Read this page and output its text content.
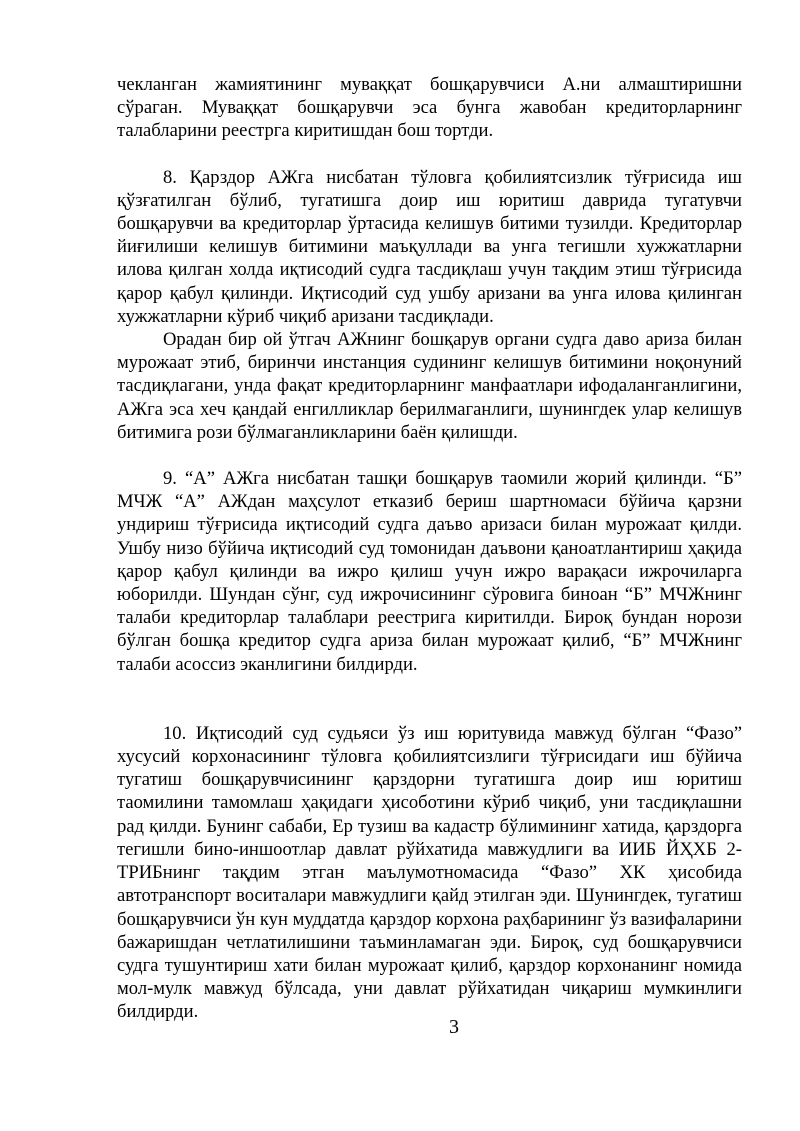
чекланган жамиятининг муваққат бошқарувчиси А.ни алмаштиришни сўраган. Муваққат бошқарувчи эса бунга жавобан кредиторларнинг талабларини реестрга киритишдан бош тортди.

8. Қарздор АЖга нисбатан тўловга қобилиятсизлик тўғрисида иш қўзғатилган бўлиб, тугатишга доир иш юритиш даврида тугатувчи бошқарувчи ва кредиторлар ўртасида келишув битими тузилди. Кредиторлар йиғилиши келишув битимини маъқуллади ва унга тегишли хужжатларни илова қилган холда иқтисодий судга тасдиқлаш учун тақдим этиш тўғрисида қарор қабул қилинди. Иқтисодий суд ушбу аризани ва унга илова қилинган хужжатларни кўриб чиқиб аризани тасдиқлади.

Орадан бир ой ўтгач АЖнинг бошқарув органи судга даво ариза билан мурожаат этиб, биринчи инстанция судининг келишув битимини ноқонуний тасдиқлагани, унда фақат кредиторларнинг манфаатлари ифодаланганлигини, АЖга эса хеч қандай енгилликлар берилмаганлиги, шунингдек улар келишув битимига рози бўлмаганликларини баён қилишди.

9. “А” АЖга нисбатан ташқи бошқарув таомили жорий қилинди. “Б” МЧЖ “А” АЖдан маҳсулот етказиб бериш шартномаси бўйича қарзни ундириш тўғрисида иқтисодий судга даъво аризаси билан мурожаат қилди. Ушбу низо бўйича иқтисодий суд томонидан даъвони қаноатлантириш ҳақида қарор қабул қилинди ва ижро қилиш учун ижро варақаси ижрочиларга юборилди. Шундан сўнг, суд ижрочисининг сўровига биноан “Б” МЧЖнинг талаби кредиторлар талаблари реестрига киритилди. Бироқ бундан норози бўлган бошқа кредитор судга ариза билан мурожаат қилиб, “Б” МЧЖнинг талаби асоссиз эканлигини билдирди.

10. Иқтисодий суд судьяси ўз иш юритувида мавжуд бўлган “Фазо” хусусий корхонасининг тўловга қобилиятсизлиги тўғрисидаги иш бўйича тугатиш бошқарувчисининг қарздорни тугатишга доир иш юритиш таомилини тамомлаш ҳақидаги ҳисоботини кўриб чиқиб, уни тасдиқлашни рад қилди. Бунинг сабаби, Ер тузиш ва кадастр бўлимининг хатида, қарздорга тегишли бино-иншоотлар давлат рўйхатида мавжудлиги ва ИИБ ЙҲХБ 2-ТРИБнинг тақдим этган маълумотномасида “Фазо” ХК ҳисобида автотранспорт воситалари мавжудлиги қайд этилган эди. Шунингдек, тугатиш бошқарувчиси ўн кун муддатда қарздор корхона раҳбарининг ўз вазифаларини бажаришдан четлатилишини таъминламаган эди. Бироқ, суд бошқарувчиси судга тушунтириш хати билан мурожаат қилиб, қарздор корхонанинг номида мол-мулк мавжуд бўлсада, уни давлат рўйхатидан чиқариш мумкинлиги билдирди.

3
